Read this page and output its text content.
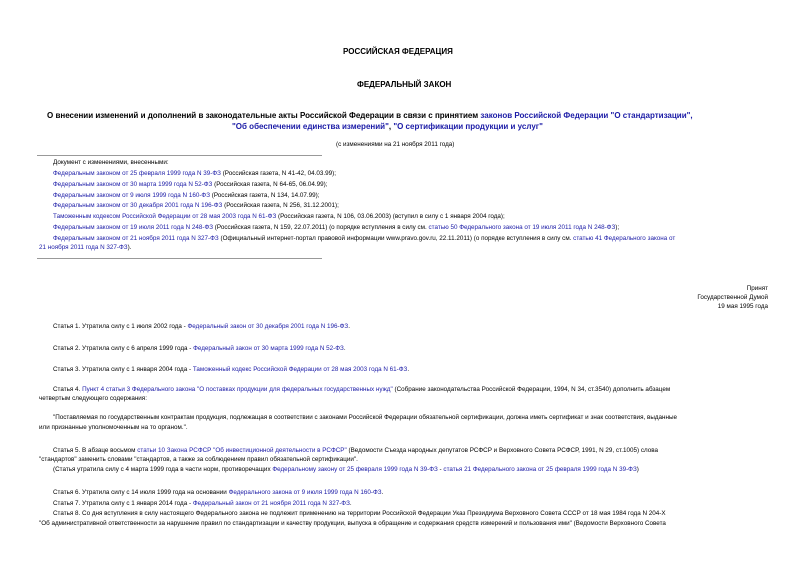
РОССИЙСКАЯ ФЕДЕРАЦИЯ
ФЕДЕРАЛЬНЫЙ ЗАКОН
О внесении изменений и дополнений в законодательные акты Российской Федерации в связи с принятием законов Российской Федерации "О стандартизации",
"Об обеспечении единства измерений", "О сертификации продукции и услуг"
(с изменениями на 21 ноября 2011 года)
Документ с изменениями, внесенными:
Федеральным законом от 25 февраля 1999 года N 39-ФЗ (Российская газета, N 41-42, 04.03.99);
Федеральным законом от 30 марта 1999 года N 52-ФЗ (Российская газета, N 64-65, 06.04.99);
Федеральным законом от 9 июля 1999 года N 160-ФЗ (Российская газета, N 134, 14.07.99);
Федеральным законом от 30 декабря 2001 года N 196-ФЗ (Российская газета, N 256, 31.12.2001);
Таможенным кодексом Российской Федерации от 28 мая 2003 года N 61-ФЗ (Российская газета, N 106, 03.06.2003) (вступил в силу с 1 января 2004 года);
Федеральным законом от 19 июля 2011 года N 248-ФЗ (Российская газета, N 159, 22.07.2011) (о порядке вступления в силу см. статью 50 Федерального закона от 19 июля 2011 года N 248-ФЗ);
Федеральным законом от 21 ноября 2011 года N 327-ФЗ (Официальный интернет-портал правовой информации www.pravo.gov.ru, 22.11.2011) (о порядке вступления в силу см. статью 41 Федерального закона от
21 ноября 2011 года N 327-ФЗ).
Принят
Государственной Думой
19 мая 1995 года
Статья 1. Утратила силу с 1 июля 2002 года - Федеральный закон от 30 декабря 2001 года N 196-ФЗ.
Статья 2. Утратила силу с 6 апреля 1999 года - Федеральный закон от 30 марта 1999 года N 52-ФЗ.
Статья 3. Утратила силу с 1 января 2004 года - Таможенный кодекс Российской Федерации от 28 мая 2003 года N 61-ФЗ.
Статья 4. Пункт 4 статьи 3 Федерального закона "О поставках продукции для федеральных государственных нужд" (Собрание законодательства Российской Федерации, 1994, N 34, ст.3540) дополнить абзацем
четвертым следующего содержания:
"Поставляемая по государственным контрактам продукция, подлежащая в соответствии с законами Российской Федерации обязательной сертификации, должна иметь сертификат и знак соответствия, выданные
или признанные уполномоченным на то органом.".
Статья 5. В абзаце восьмом статьи 10 Закона РСФСР "Об инвестиционной деятельности в РСФСР" (Ведомости Съезда народных депутатов РСФСР и Верховного Совета РСФСР, 1991, N 29, ст.1005) слова
"стандартов" заменить словами "стандартов, а также за соблюдением правил обязательной сертификации".
(Статья утратила силу с 4 марта 1999 года в части норм, противоречащих Федеральному закону от 25 февраля 1999 года N 39-ФЗ - статья 21 Федерального закона от 25 февраля 1999 года N 39-ФЗ)
Статья 6. Утратила силу с 14 июля 1999 года на основании Федерального закона от 9 июля 1999 года N 160-ФЗ.
Статья 7. Утратила силу с 1 января 2014 года - Федеральный закон от 21 ноября 2011 года N 327-ФЗ.
Статья 8. Со дня вступления в силу настоящего Федерального закона не подлежит применению на территории Российской Федерации Указ Президиума Верховного Совета СССР от 18 мая 1984 года N 204-X
"Об административной ответственности за нарушение правил по стандартизации и качеству продукции, выпуска в обращение и содержания средств измерений и пользования ими" (Ведомости Верховного Совета
